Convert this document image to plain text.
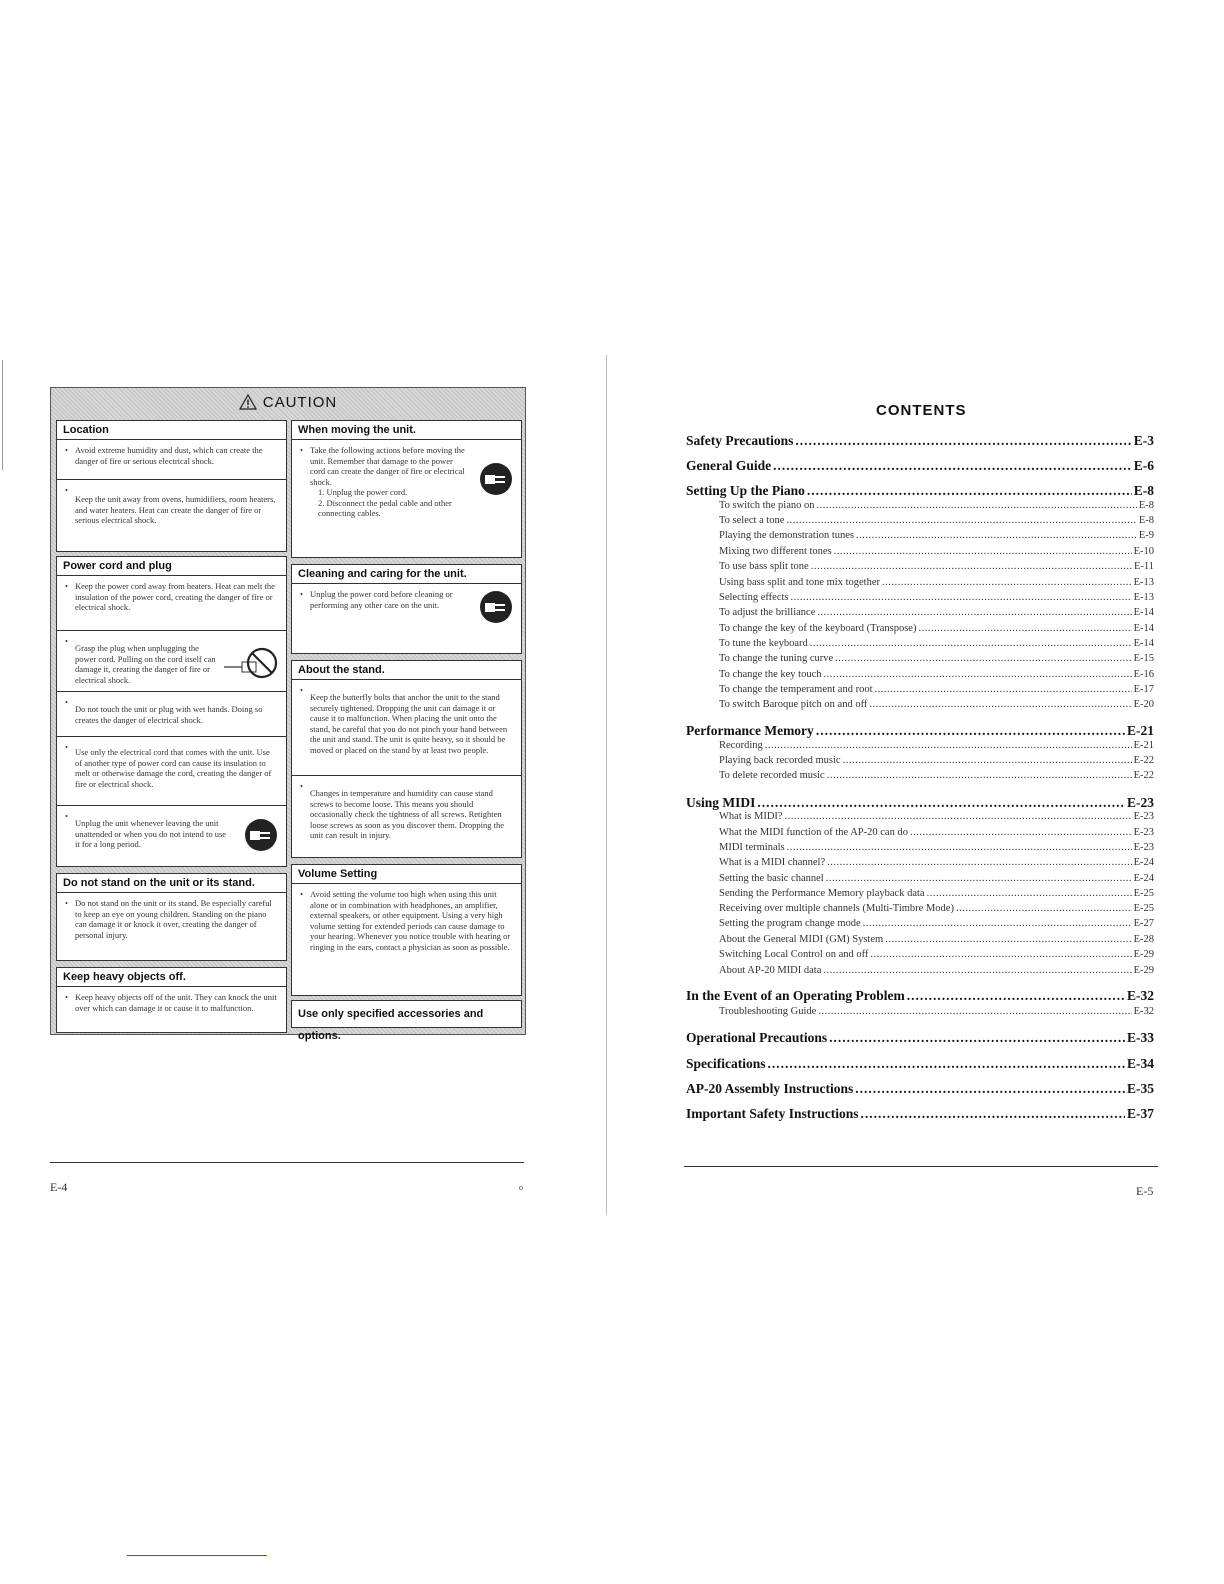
CAUTION
Location
• Avoid extreme humidity and dust, which can create the danger of fire or serious electrical shock.
• Keep the unit away from ovens, humidifiers, room heaters, and water heaters. Heat can create the danger of fire or serious electrical shock.
Power cord and plug
• Keep the power cord away from heaters. Heat can melt the insulation of the power cord, creating the danger of fire or electrical shock.
• Grasp the plug when unplugging the power cord. Pulling on the cord itself can damage it, creating the danger of fire or electrical shock.
• Do not touch the unit or plug with wet hands. Doing so creates the danger of electrical shock.
• Use only the electrical cord that comes with the unit. Use of another type of power cord can cause its insulation to melt or otherwise damage the cord, creating the danger of fire or electrical shock.
• Unplug the unit whenever leaving the unit unattended or when you do not intend to use it for a long period.
Do not stand on the unit or its stand.
• Do not stand on the unit or its stand. Be especially careful to keep an eye on young children. Standing on the piano can damage it or knock it over, creating the danger of personal injury.
Keep heavy objects off.
• Keep heavy objects off of the unit. They can knock the unit over which can damage it or cause it to malfunction.
When moving the unit.
• Take the following actions before moving the unit. Remember that damage to the power cord can create the danger of fire or electrical shock.
1. Unplug the power cord.
2. Disconnect the pedal cable and other connecting cables.
Cleaning and caring for the unit.
• Unplug the power cord before cleaning or performing any other care on the unit.
About the stand.
• Keep the butterfly bolts that anchor the unit to the stand securely tightened. Dropping the unit can damage it or cause it to malfunction. When placing the unit onto the stand, be careful that you do not pinch your hand between the unit and stand. The unit is quite heavy, so it should be moved or placed on the stand by at least two people.
• Changes in temperature and humidity can cause stand screws to become loose. This means you should occasionally check the tightness of all screws. Retighten loose screws as soon as you discover them. Dropping the unit can result in injury.
Volume Setting
• Avoid setting the volume too high when using this unit alone or in combination with headphones, an amplifier, external speakers, or other equipment. Using a very high volume setting for extended periods can cause damage to your hearing. Whenever you notice trouble with hearing or ringing in the ears, contact a physician as soon as possible.
Use only specified accessories and options.
E-4	o
CONTENTS
Safety Precautions .....	E-3
General Guide .....	E-6
Setting Up the Piano .....	E-8
To switch the piano on .....	E-8
To select a tone .....	E-8
Playing the demonstration tunes .....	E-9
Mixing two different tones .....	E-10
To use bass split tone .....	E-11
Using bass split and tone mix together .....	E-13
Selecting effects .....	E-13
To adjust the brilliance .....	E-14
To change the key of the keyboard (Transpose) .....	E-14
To tune the keyboard .....	E-14
To change the tuning curve .....	E-15
To change the key touch .....	E-16
To change the temperament and root .....	E-17
To switch Baroque pitch on and off .....	E-20
Performance Memory .....	E-21
Recording .....	E-21
Playing back recorded music .....	E-22
To delete recorded music .....	E-22
Using MIDI .....	E-23
What is MIDI? .....	E-23
What the MIDI function of the AP-20 can do .....	E-23
MIDI terminals .....	E-23
What is a MIDI channel? .....	E-24
Setting the basic channel .....	E-24
Sending the Performance Memory playback data .....	E-25
Receiving over multiple channels (Multi-Timbre Mode) .....	E-25
Setting the program change mode .....	E-27
About the General MIDI (GM) System .....	E-28
Switching Local Control on and off .....	E-29
About AP-20 MIDI data .....	E-29
In the Event of an Operating Problem .....	E-32
Troubleshooting Guide .....	E-32
Operational Precautions .....	E-33
Specifications .....	E-34
AP-20 Assembly Instructions .....	E-35
Important Safety Instructions .....	E-37
E-5
